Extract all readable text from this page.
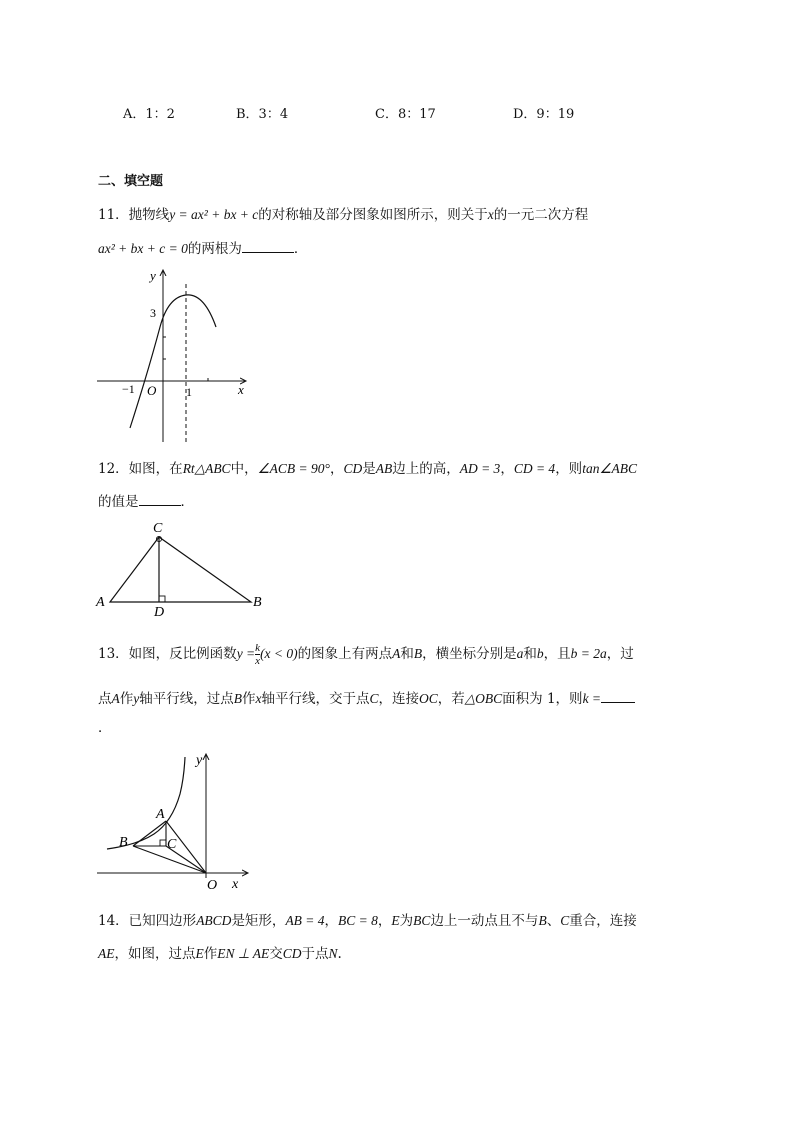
A．1：2	B．3：4	C．8：17	D．9：19
二、填空题
11．抛物线y = ax² + bx + c的对称轴及部分图象如图所示，则关于x的一元二次方程
ax² + bx + c = 0的两根为	．
y
x
O
3
−1	1
12．如图，在Rt△ABC中，∠ACB = 90°，CD是AB边上的高，AD = 3，CD = 4，则tan∠ABC
的值是	．
A	B
C
D
13．如图，反比例函数$y = \frac{k}{x} (x < 0)$的图象上有两点A和B，横坐标分别是a和b，且b = 2a，过
点A作y轴平行线，过点B作x轴平行线，交于点C，连接OC，若△OBC面积为 1，则k =
．
y
x
O
A
B	C
14．已知四边形ABCD是矩形，AB = 4，BC = 8，E为BC边上一动点且不与B、C重合，连接
AE，如图，过点E作EN ⊥ AE交CD于点N.
